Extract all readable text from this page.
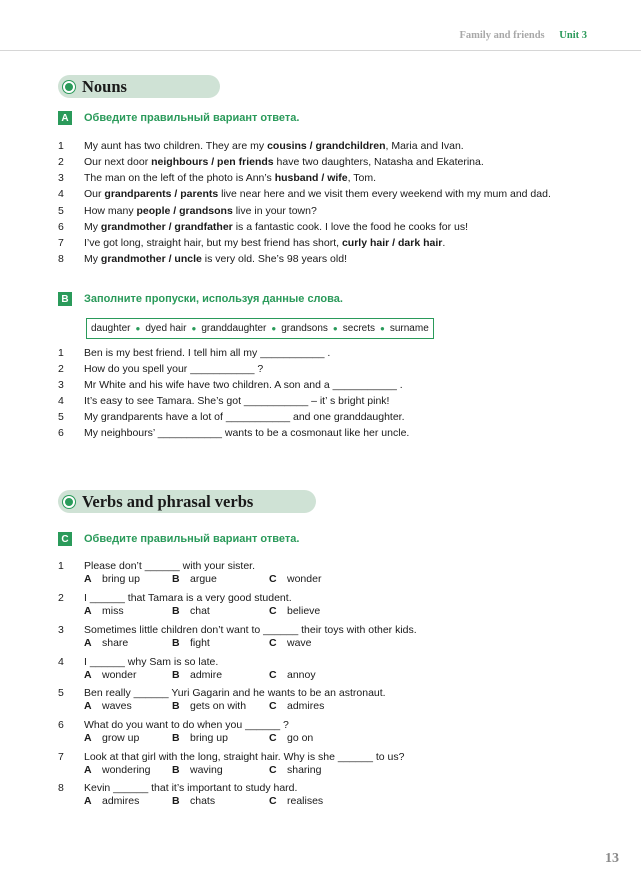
Family and friends Unit 3
Nouns
A	Обведите правильный вариант ответа.
1 My aunt has two children. They are my cousins / grandchildren, Maria and Ivan.
2 Our next door neighbours / pen friends have two daughters, Natasha and Ekaterina.
3 The man on the left of the photo is Ann’s husband / wife, Tom.
4 Our grandparents / parents live near here and we visit them every weekend with my mum and dad.
5 How many people / grandsons live in your town?
6 My grandmother / grandfather is a fantastic cook. I love the food he cooks for us!
7 I’ve got long, straight hair, but my best friend has short, curly hair / dark hair.
8 My grandmother / uncle is very old. She’s 98 years old!
B	Заполните пропуски, используя данные слова.
daughter ● dyed hair ● granddaughter ● grandsons ● secrets ● surname
1 Ben is my best friend. I tell him all my ___________ .
2 How do you spell your ___________ ?
3 Mr White and his wife have two children. A son and a ___________ .
4 It’s easy to see Tamara. She’s got ___________ – it’ s bright pink!
5 My grandparents have a lot of ___________ and one granddaughter.
6 My neighbours’ ___________ wants to be a cosmonaut like her uncle.
Verbs and phrasal verbs
C	Обведите правильный вариант ответа.
1 Please don’t ______ with your sister.
A bring up	B argue	C wonder
2 I ______ that Tamara is a very good student.
A miss	B chat	C believe
3 Sometimes little children don’t want to ______ their toys with other kids.
A share	B fight	C wave
4 I ______ why Sam is so late.
A wonder	B admire	C annoy
5 Ben really ______ Yuri Gagarin and he wants to be an astronaut.
A waves	B gets on with C admires
6 What do you want to do when you ______ ?
A grow up	B bring up	C go on
7 Look at that girl with the long, straight hair. Why is she ______ to us?
A wondering B waving	C sharing
8 Kevin ______ that it’s important to study hard.
A admires	B chats	C realises
13
